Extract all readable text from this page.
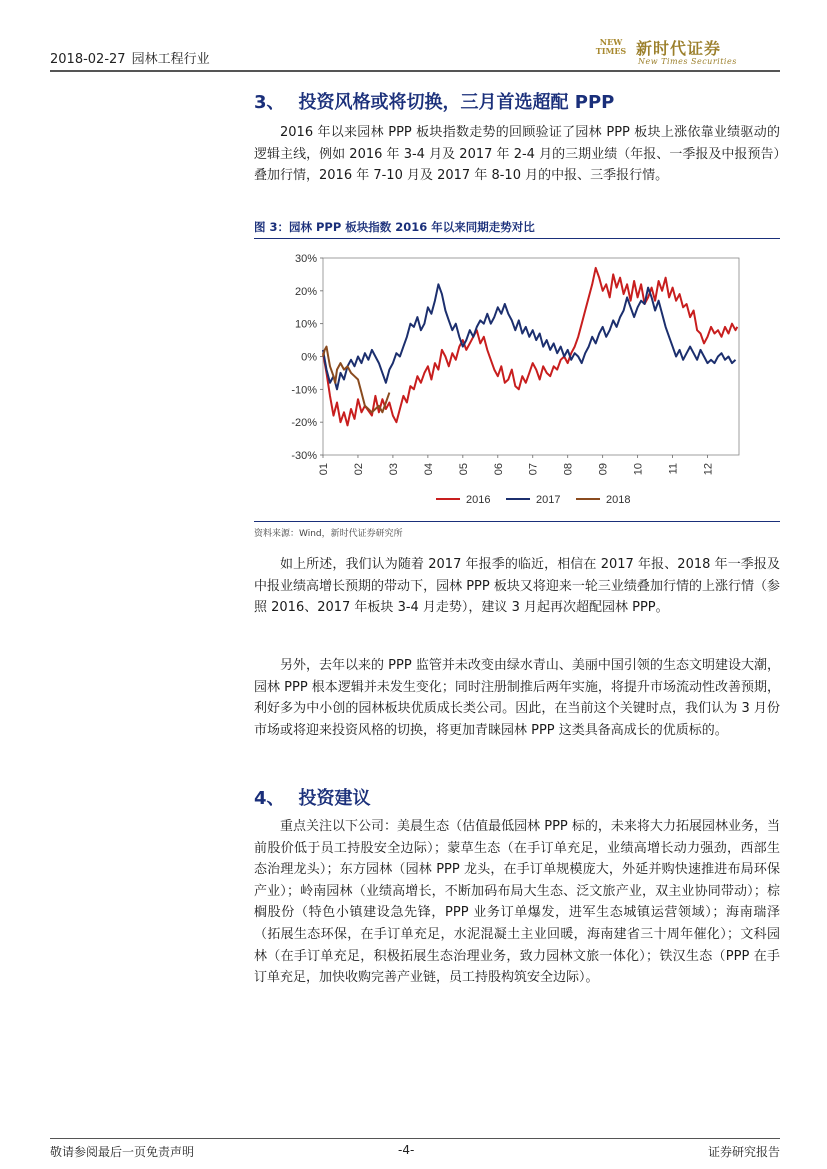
2018-02-27 园林工程行业
NEW TIMES 新时代证券
New Times Securities
3、 投资风格或将切换，三月首选超配 PPP

2016 年以来园林 PPP 板块指数走势的回顾验证了园林 PPP 板块上涨依靠业绩驱动的逻辑主线，例如 2016 年 3-4 月及 2017 年 2-4 月的三期业绩（年报、一季报及中报预告）叠加行情，2016 年 7-10 月及 2017 年 8-10 月的中报、三季报行情。

图 3：园林 PPP 板块指数 2016 年以来同期走势对比
30%
20%
10%
0%
-10%
-20%
-30%
01 02 03 04 05 06 07 08 09 10 11 12
2016	2017	2018
资料来源：Wind，新时代证券研究所

如上所述，我们认为随着 2017 年报季的临近，相信在 2017 年报、2018 年一季报及中报业绩高增长预期的带动下，园林 PPP 板块又将迎来一轮三业绩叠加行情的上涨行情（参照 2016、2017 年板块 3-4 月走势），建议 3 月起再次超配园林 PPP。

另外，去年以来的 PPP 监管并未改变由绿水青山、美丽中国引领的生态文明建设大潮，园林 PPP 根本逻辑并未发生变化；同时注册制推后两年实施，将提升市场流动性改善预期，利好多为中小创的园林板块优质成长类公司。因此，在当前这个关键时点，我们认为 3 月份市场或将迎来投资风格的切换，将更加青睐园林 PPP 这类具备高成长的优质标的。

4、 投资建议

重点关注以下公司：美晨生态（估值最低园林 PPP 标的，未来将大力拓展园林业务，当前股价低于员工持股安全边际）；蒙草生态（在手订单充足，业绩高增长动力强劲，西部生态治理龙头）；东方园林（园林 PPP 龙头，在手订单规模庞大，外延并购快速推进布局环保产业）；岭南园林（业绩高增长，不断加码布局大生态、泛文旅产业，双主业协同带动）；棕榈股份（特色小镇建设急先锋，PPP 业务订单爆发，进军生态城镇运营领域）；海南瑞泽（拓展生态环保，在手订单充足，水泥混凝土主业回暖，海南建省三十周年催化）；文科园林（在手订单充足，积极拓展生态治理业务，致力园林文旅一体化）；铁汉生态（PPP 在手订单充足，加快收购完善产业链，员工持股构筑安全边际）。

敬请参阅最后一页免责声明	-4-	证券研究报告
